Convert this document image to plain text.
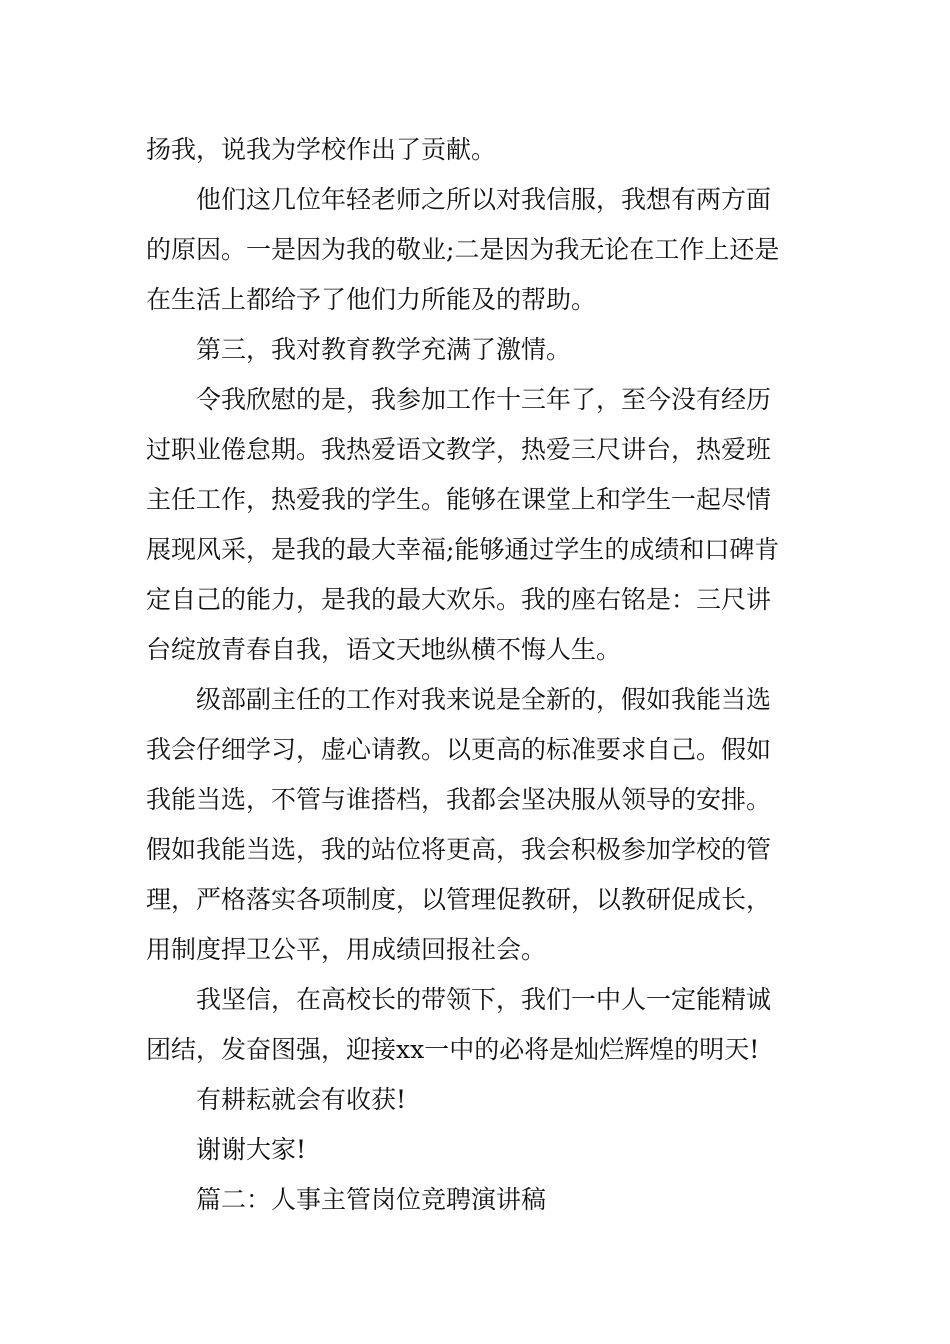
扬我，说我为学校作出了贡献。
他们这几位年轻老师之所以对我信服，我想有两方面
的原因。一是因为我的敬业;二是因为我无论在工作上还是
在生活上都给予了他们力所能及的帮助。
第三，我对教育教学充满了激情。
令我欣慰的是，我参加工作十三年了，至今没有经历
过职业倦怠期。我热爱语文教学，热爱三尺讲台，热爱班
主任工作，热爱我的学生。能够在课堂上和学生一起尽情
展现风采，是我的最大幸福;能够通过学生的成绩和口碑肯
定自己的能力，是我的最大欢乐。我的座右铭是：三尺讲
台绽放青春自我，语文天地纵横不悔人生。
级部副主任的工作对我来说是全新的，假如我能当选
我会仔细学习，虚心请教。以更高的标准要求自己。假如
我能当选，不管与谁搭档，我都会坚决服从领导的安排。
假如我能当选，我的站位将更高，我会积极参加学校的管
理，严格落实各项制度，以管理促教研，以教研促成长，
用制度捍卫公平，用成绩回报社会。
我坚信，在高校长的带领下，我们一中人一定能精诚
团结，发奋图强，迎接xx一中的必将是灿烂辉煌的明天!
有耕耘就会有收获!
谢谢大家!
篇二：人事主管岗位竞聘演讲稿
